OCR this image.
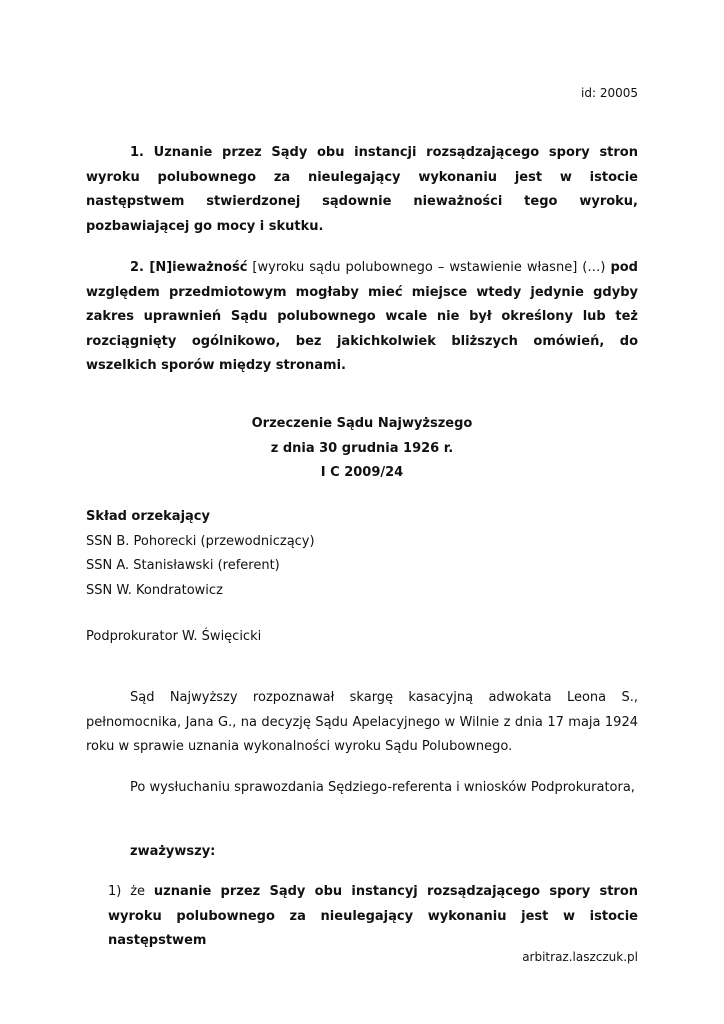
id: 20005

1. Uznanie przez Sądy obu instancji rozsądzającego spory stron wyroku polubownego za nieulegający wykonaniu jest w istocie następstwem stwierdzonej sądownie nieważności tego wyroku, pozbawiającej go mocy i skutku.

2. [N]ieważność [wyroku sądu polubownego – wstawienie własne] (…) pod względem przedmiotowym mogłaby mieć miejsce wtedy jedynie gdyby zakres uprawnień Sądu polubownego wcale nie był określony lub też rozciągnięty ogólnikowo, bez jakichkolwiek bliższych omówień, do wszelkich sporów między stronami.

Orzeczenie Sądu Najwyższego
z dnia 30 grudnia 1926 r.
I C 2009/24
Skład orzekający
SSN B. Pohorecki (przewodniczący)
SSN A. Stanisławski (referent)
SSN W. Kondratowicz

Podprokurator W. Święcicki

Sąd Najwyższy rozpoznawał skargę kasacyjną adwokata Leona S., pełnomocnika, Jana G., na decyzję Sądu Apelacyjnego w Wilnie z dnia 17 maja 1924 roku w sprawie uznania wykonalności wyroku Sądu Polubownego.

Po wysłuchaniu sprawozdania Sędziego-referenta i wniosków Podprokuratora,

zważywszy:

1) że uznanie przez Sądy obu instancyj rozsądzającego spory stron wyroku polubownego za nieulegający wykonaniu jest w istocie następstwem

arbitraz.laszczuk.pl
